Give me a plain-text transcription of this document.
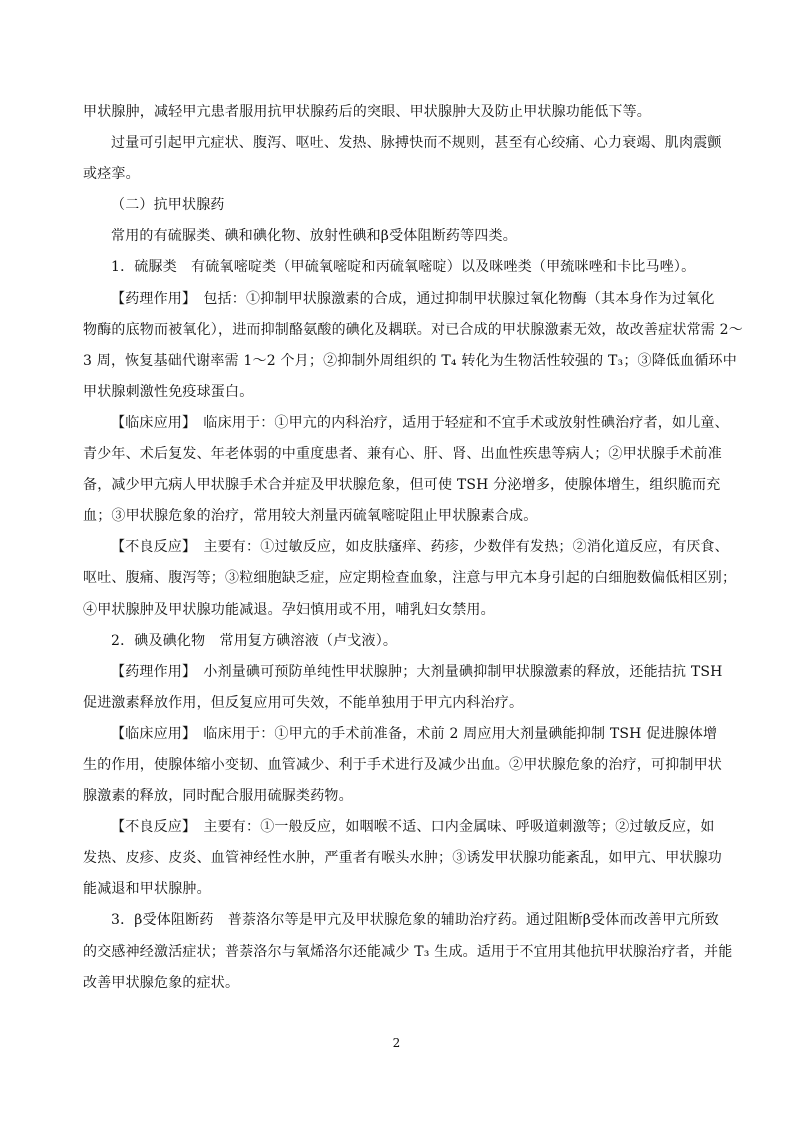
甲状腺肿，减轻甲亢患者服用抗甲状腺药后的突眼、甲状腺肿大及防止甲状腺功能低下等。
过量可引起甲亢症状、腹泻、呕吐、发热、脉搏快而不规则，甚至有心绞痛、心力衰竭、肌肉震颤
或痉挛。
（二）抗甲状腺药
常用的有硫脲类、碘和碘化物、放射性碘和β受体阻断药等四类。
1．硫脲类　有硫氧嘧啶类（甲硫氧嘧啶和丙硫氧嘧啶）以及咪唑类（甲巯咪唑和卡比马唑）。
【药理作用】　包括：①抑制甲状腺激素的合成，通过抑制甲状腺过氧化物酶（其本身作为过氧化
物酶的底物而被氧化），进而抑制酪氨酸的碘化及耦联。对已合成的甲状腺激素无效，故改善症状常需 2～
3 周，恢复基础代谢率需 1～2 个月；②抑制外周组织的 T₄ 转化为生物活性较强的 T₃；③降低血循环中
甲状腺刺激性免疫球蛋白。
【临床应用】　临床用于：①甲亢的内科治疗，适用于轻症和不宜手术或放射性碘治疗者，如儿童、
青少年、术后复发、年老体弱的中重度患者、兼有心、肝、肾、出血性疾患等病人；②甲状腺手术前准
备，减少甲亢病人甲状腺手术合并症及甲状腺危象，但可使 TSH 分泌增多，使腺体增生，组织脆而充
血；③甲状腺危象的治疗，常用较大剂量丙硫氧嘧啶阻止甲状腺素合成。
【不良反应】　主要有：①过敏反应，如皮肤瘙痒、药疹，少数伴有发热；②消化道反应，有厌食、
呕吐、腹痛、腹泻等；③粒细胞缺乏症，应定期检查血象，注意与甲亢本身引起的白细胞数偏低相区别；
④甲状腺肿及甲状腺功能减退。孕妇慎用或不用，哺乳妇女禁用。
2．碘及碘化物　常用复方碘溶液（卢戈液）。
【药理作用】　小剂量碘可预防单纯性甲状腺肿；大剂量碘抑制甲状腺激素的释放，还能拮抗 TSH
促进激素释放作用，但反复应用可失效，不能单独用于甲亢内科治疗。
【临床应用】　临床用于：①甲亢的手术前准备，术前 2 周应用大剂量碘能抑制 TSH 促进腺体增
生的作用，使腺体缩小变韧、血管减少、利于手术进行及减少出血。②甲状腺危象的治疗，可抑制甲状
腺激素的释放，同时配合服用硫脲类药物。
【不良反应】　主要有：①一般反应，如咽喉不适、口内金属味、呼吸道刺激等；②过敏反应，如
发热、皮疹、皮炎、血管神经性水肿，严重者有喉头水肿；③诱发甲状腺功能紊乱，如甲亢、甲状腺功
能减退和甲状腺肿。
3．β受体阻断药　普萘洛尔等是甲亢及甲状腺危象的辅助治疗药。通过阻断β受体而改善甲亢所致
的交感神经激活症状；普萘洛尔与氧烯洛尔还能减少 T₃ 生成。适用于不宜用其他抗甲状腺治疗者，并能
改善甲状腺危象的症状。
2
